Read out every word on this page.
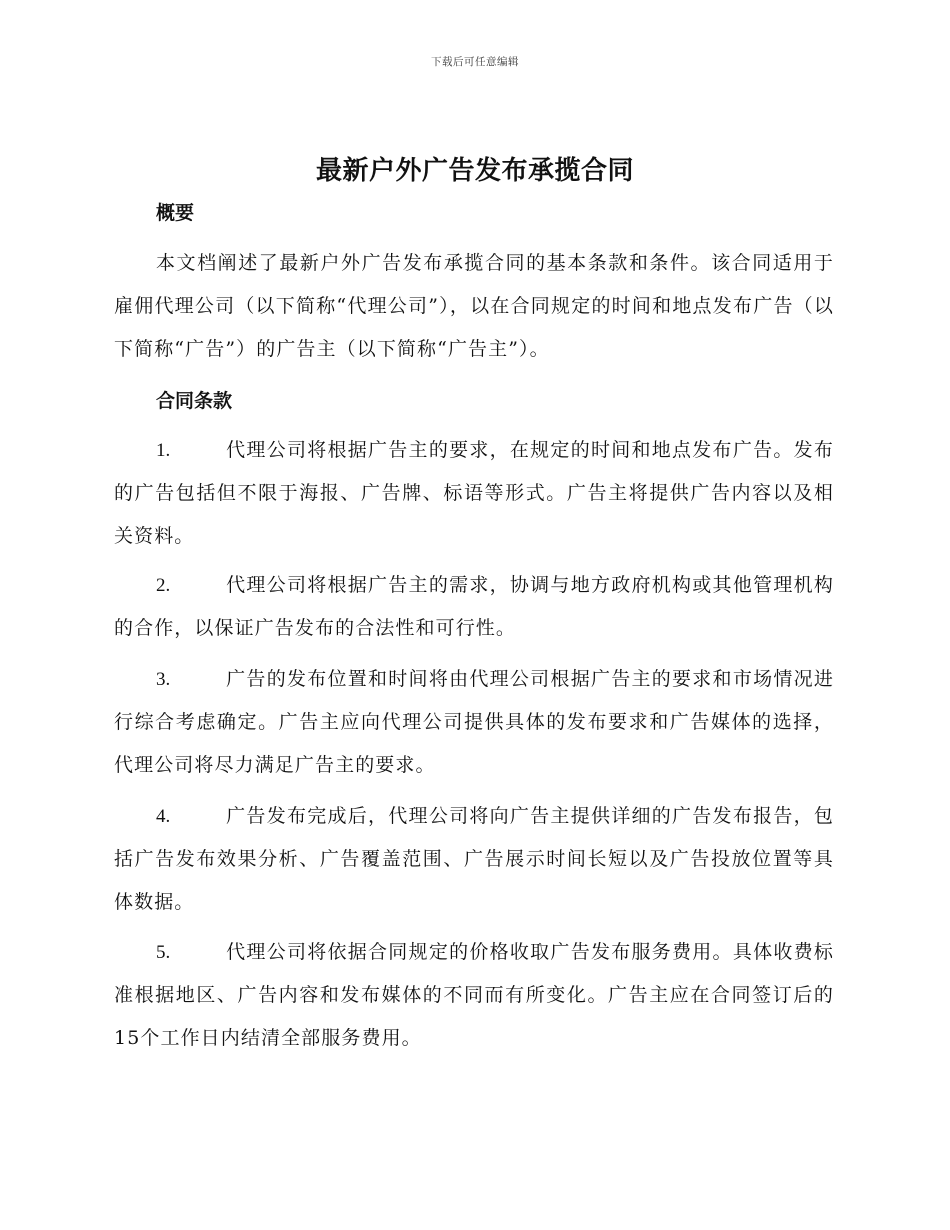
下载后可任意编辑
最新户外广告发布承揽合同
概要
本文档阐述了最新户外广告发布承揽合同的基本条款和条件。该合同适用于雇佣代理公司（以下简称“代理公司”），以在合同规定的时间和地点发布广告（以下简称“广告”）的广告主（以下简称“广告主”）。
合同条款
1.	代理公司将根据广告主的要求，在规定的时间和地点发布广告。发布的广告包括但不限于海报、广告牌、标语等形式。广告主将提供广告内容以及相关资料。
2.	代理公司将根据广告主的需求，协调与地方政府机构或其他管理机构的合作，以保证广告发布的合法性和可行性。
3.	广告的发布位置和时间将由代理公司根据广告主的要求和市场情况进行综合考虑确定。广告主应向代理公司提供具体的发布要求和广告媒体的选择，代理公司将尽力满足广告主的要求。
4.	广告发布完成后，代理公司将向广告主提供详细的广告发布报告，包括广告发布效果分析、广告覆盖范围、广告展示时间长短以及广告投放位置等具体数据。
5.	代理公司将依据合同规定的价格收取广告发布服务费用。具体收费标准根据地区、广告内容和发布媒体的不同而有所变化。广告主应在合同签订后的15个工作日内结清全部服务费用。
